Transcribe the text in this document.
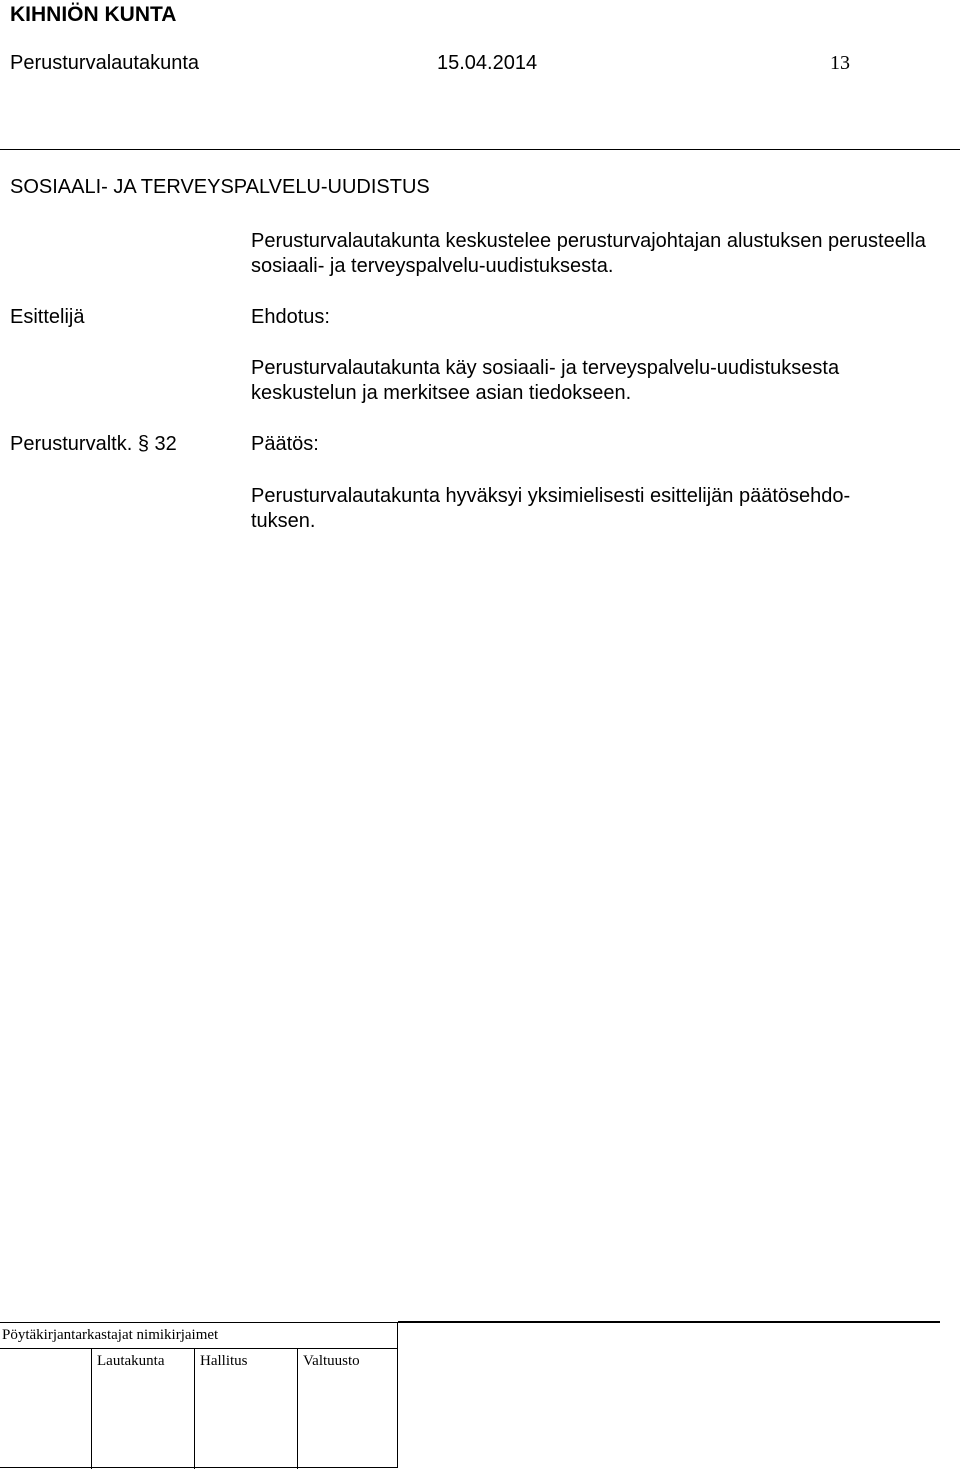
KIHNIÖN KUNTA
Perusturvalautakunta	15.04.2014	13
SOSIAALI- JA TERVEYSPALVELU-UUDISTUS
Perusturvalautakunta keskustelee perusturvajohtajan alustuksen perusteella sosiaali- ja terveyspalvelu-uudistuksesta.
Esittelijä	Ehdotus:
Perusturvalautakunta käy sosiaali- ja terveyspalvelu-uudistuksesta keskustelun ja merkitsee asian tiedokseen.
Perusturvaltk. § 32	Päätös:
Perusturvalautakunta hyväksyi yksimielisesti esittelijän päätösehdo-
tuksen.
Pöytäkirjantarkastajat nimikirjaimet
Lautakunta Hallitus	Valtuusto
